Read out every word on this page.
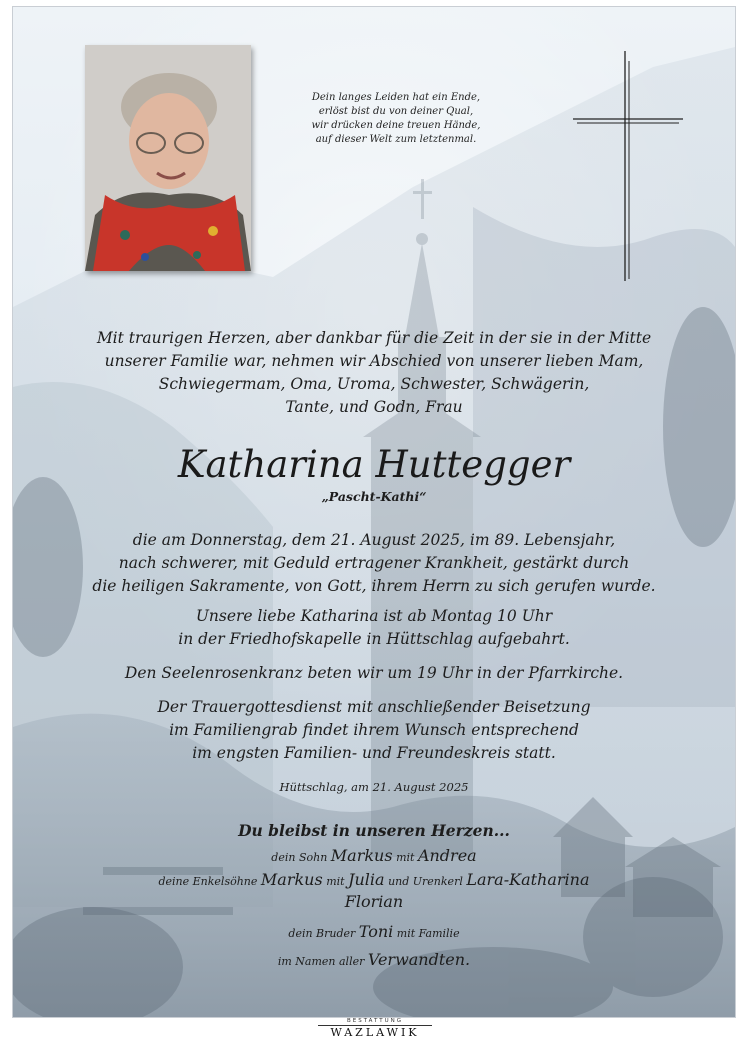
Dein langes Leiden hat ein Ende,
erlöst bist du von deiner Qual,
wir drücken deine treuen Hände,
auf dieser Welt zum letztenmal.
Mit traurigen Herzen, aber dankbar für die Zeit in der sie in der Mitte
unserer Familie war, nehmen wir Abschied von unserer lieben Mam,
Schwiegermam, Oma, Uroma, Schwester, Schwägerin,
Tante, und Godn, Frau
Katharina Huttegger
„Pascht-Kathi“
die am Donnerstag, dem 21. August 2025, im 89. Lebensjahr,
nach schwerer, mit Geduld ertragener Krankheit, gestärkt durch
die heiligen Sakramente, von Gott, ihrem Herrn zu sich gerufen wurde.
Unsere liebe Katharina ist ab Montag 10 Uhr
in der Friedhofskapelle in Hüttschlag aufgebahrt.
Den Seelenrosenkranz beten wir um 19 Uhr in der Pfarrkirche.
Der Trauergottesdienst mit anschließender Beisetzung
im Familiengrab findet ihrem Wunsch entsprechend
im engsten Familien- und Freundeskreis statt.
Hüttschlag, am 21. August 2025
Du bleibst in unseren Herzen...
dein Sohn Markus mit Andrea
deine Enkelsöhne Markus mit Julia und Urenkerl Lara-Katharina
Florian
dein Bruder Toni mit Familie
im Namen aller Verwandten.
BESTATTUNG
WAZLAWIK
